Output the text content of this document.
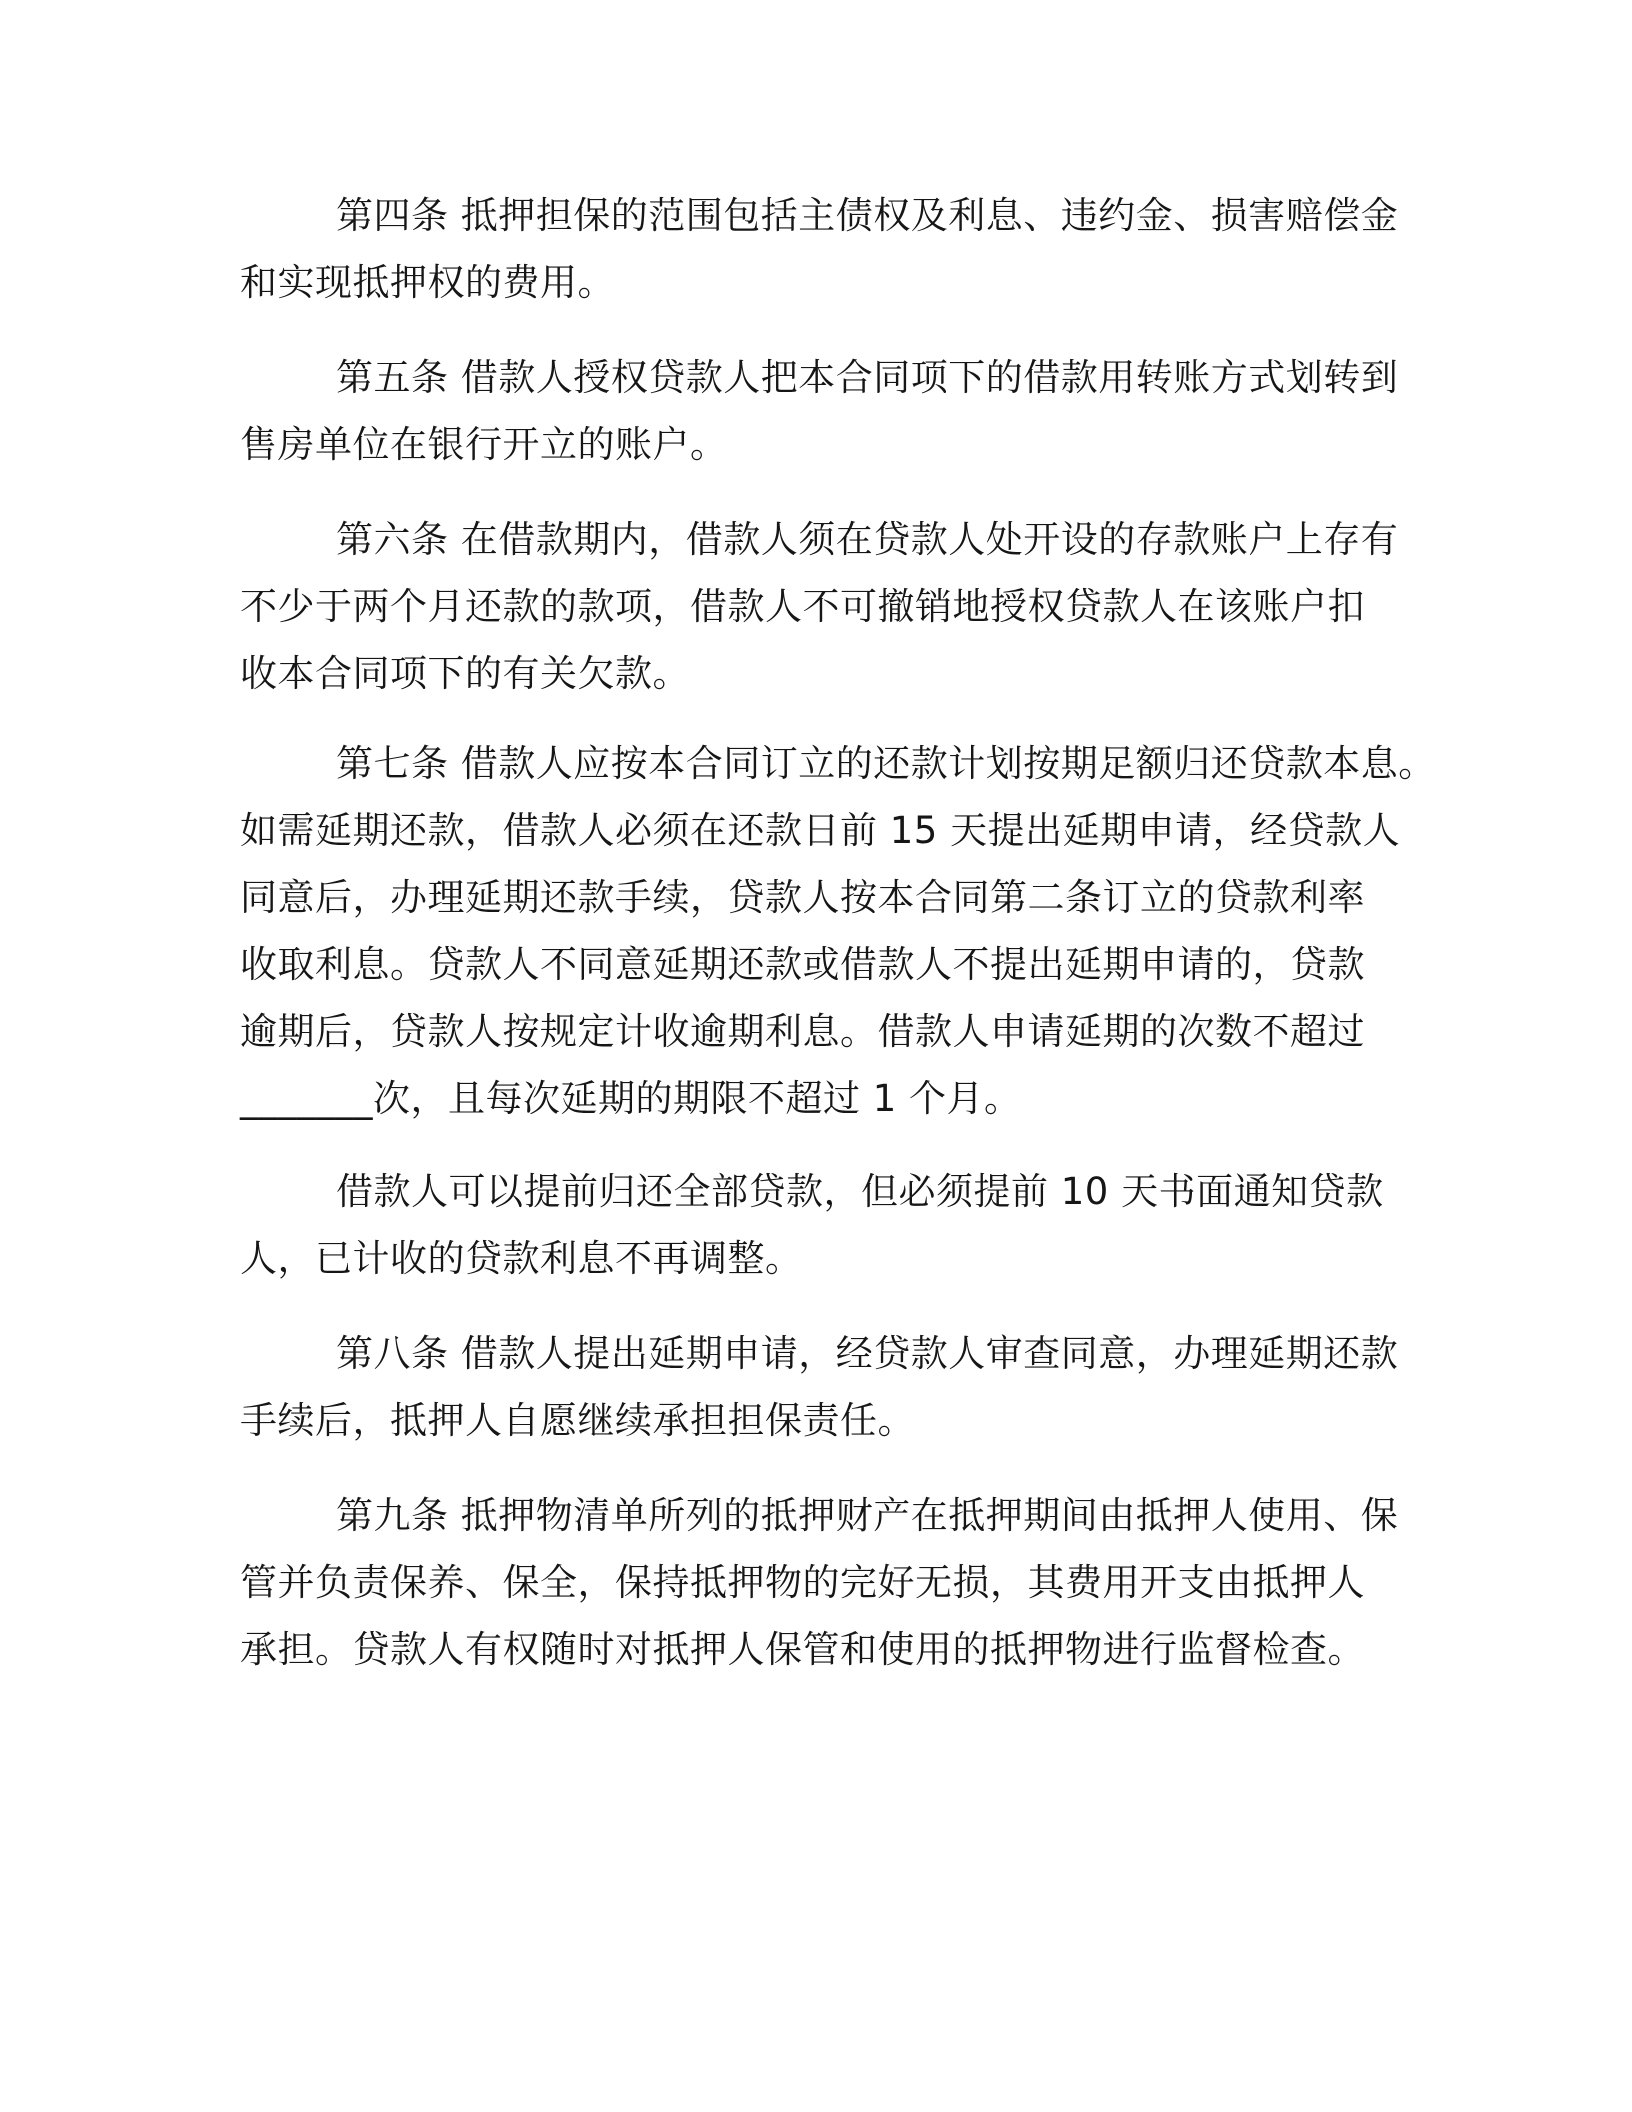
第四条 抵押担保的范围包括主债权及利息、违约金、损害赔偿金
和实现抵押权的费用。
第五条 借款人授权贷款人把本合同项下的借款用转账方式划转到
售房单位在银行开立的账户。
第六条 在借款期内，借款人须在贷款人处开设的存款账户上存有
不少于两个月还款的款项，借款人不可撤销地授权贷款人在该账户扣
收本合同项下的有关欠款。
第七条 借款人应按本合同订立的还款计划按期足额归还贷款本息。
如需延期还款，借款人必须在还款日前 15 天提出延期申请，经贷款人
同意后，办理延期还款手续，贷款人按本合同第二条订立的贷款利率
收取利息。贷款人不同意延期还款或借款人不提出延期申请的，贷款
逾期后，贷款人按规定计收逾期利息。借款人申请延期的次数不超过
_______次，且每次延期的期限不超过 1 个月。
借款人可以提前归还全部贷款，但必须提前 10 天书面通知贷款
人，已计收的贷款利息不再调整。
第八条 借款人提出延期申请，经贷款人审查同意，办理延期还款
手续后，抵押人自愿继续承担担保责任。
第九条 抵押物清单所列的抵押财产在抵押期间由抵押人使用、保
管并负责保养、保全，保持抵押物的完好无损，其费用开支由抵押人
承担。贷款人有权随时对抵押人保管和使用的抵押物进行监督检查。
